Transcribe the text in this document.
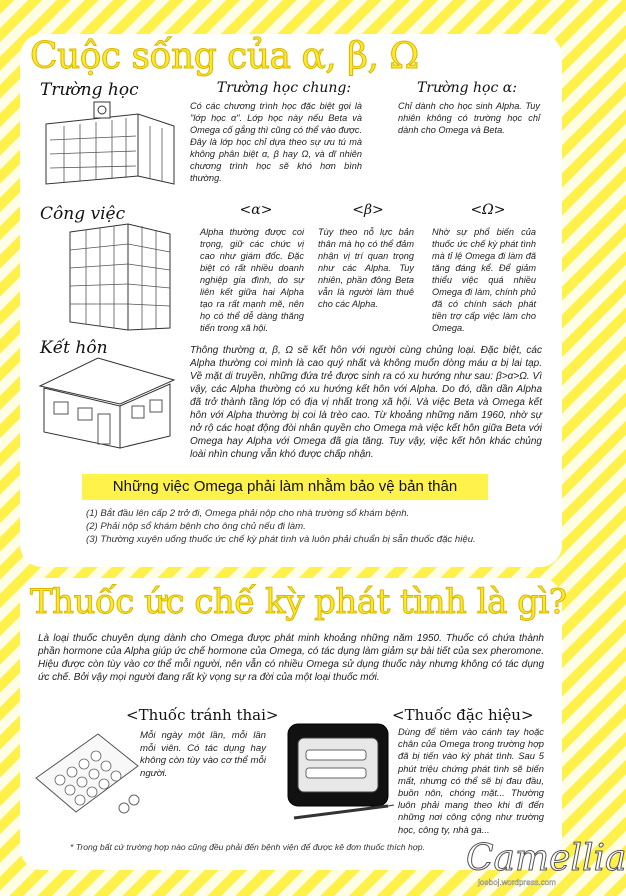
Cuộc sống của α, β, Ω
Trường học	Trường học chung:
Có các chương trình học đặc biệt gọi là "lớp học α". Lớp học này nếu Beta và Omega cố gắng thì cũng có thể vào được. Đây là lớp học chỉ dựa theo sự ưu tú mà không phân biệt α, β hay Ω, và dĩ nhiên chương trình học sẽ khó hơn bình thường.
Trường học α:
Chỉ dành cho học sinh Alpha. Tuy nhiên không có trường học chỉ dành cho Omega và Beta.
Công việc	<α>
Alpha thường được coi trọng, giữ các chức vị cao như giám đốc. Đặc biệt có rất nhiều doanh nghiệp gia đình, do sự liên kết giữa hai Alpha tạo ra rất mạnh mẽ, nên họ có thể dễ dàng thăng tiến trong xã hội.
<β>
Tùy theo nỗ lực bản thân mà họ có thể đảm nhận vị trí quan trọng như các Alpha. Tuy nhiên, phần đông Beta vẫn là người làm thuê cho các Alpha.
<Ω>
Nhờ sự phổ biến của thuốc ức chế kỳ phát tình mà tỉ lệ Omega đi làm đã tăng đáng kể. Để giảm thiểu việc quá nhiều Omega đi làm, chính phủ đã có chính sách phát tiền trợ cấp việc làm cho Omega.
Kết hôn	Thông thường α, β, Ω sẽ kết hôn với người cùng chủng loại. Đặc biệt, các Alpha thường coi mình là cao quý nhất và không muốn dòng máu α bị lai tạp. Về mặt di truyền, những đứa trẻ được sinh ra có xu hướng như sau: β>α>Ω. Vì vậy, các Alpha thường có xu hướng kết hôn với Alpha. Do đó, dần dần Alpha đã trở thành tầng lớp có địa vị nhất trong xã hội. Và việc Beta và Omega kết hôn với Alpha thường bị coi là trèo cao. Từ khoảng những năm 1960, nhờ sự nở rộ các hoạt động đòi nhân quyền cho Omega mà việc kết hôn giữa Beta với Omega hay Alpha với Omega đã gia tăng. Tuy vậy, việc kết hôn khác chủng loài nhìn chung vẫn khó được chấp nhận.
Những việc Omega phải làm nhằm bảo vệ bản thân
(1) Bắt đầu lên cấp 2 trở đi, Omega phải nộp cho nhà trường sổ khám bệnh.
(2) Phải nộp sổ khám bệnh cho ông chủ nếu đi làm.
(3) Thường xuyên uống thuốc ức chế kỳ phát tình và luôn phải chuẩn bị sẵn thuốc đặc hiệu.
Thuốc ức chế kỳ phát tình là gì?
Là loại thuốc chuyên dụng dành cho Omega được phát minh khoảng những năm 1950. Thuốc có chứa thành phần hormone của Alpha giúp ức chế hormone của Omega, có tác dụng làm giảm sự bài tiết của sex pheromone. Hiệu được còn tùy vào cơ thể mỗi người, nên vẫn có nhiều Omega sử dụng thuốc này nhưng không có tác dụng ức chế. Bởi vậy mọi người đang rất kỳ vọng sự ra đời của một loại thuốc mới.
<Thuốc tránh thai>
Mỗi ngày một lần, mỗi lần mỗi viên. Có tác dụng hay không còn tùy vào cơ thể mỗi người.
<Thuốc đặc hiệu>
Dùng để tiêm vào cánh tay hoặc chân của Omega trong trường hợp đã bị tiến vào kỳ phát tình. Sau 5 phút triệu chứng phát tình sẽ biến mất, nhưng có thể sẽ bị đau đầu, buồn nôn, chóng mặt... Thường luôn phải mang theo khi đi đến những nơi công cộng như trường học, công ty, nhà ga...
* Trong bất cứ trường hợp nào cũng đều phải đến bệnh viện để được kê đơn thuốc thích hợp. Camellia
joeboj.wordpress.com
